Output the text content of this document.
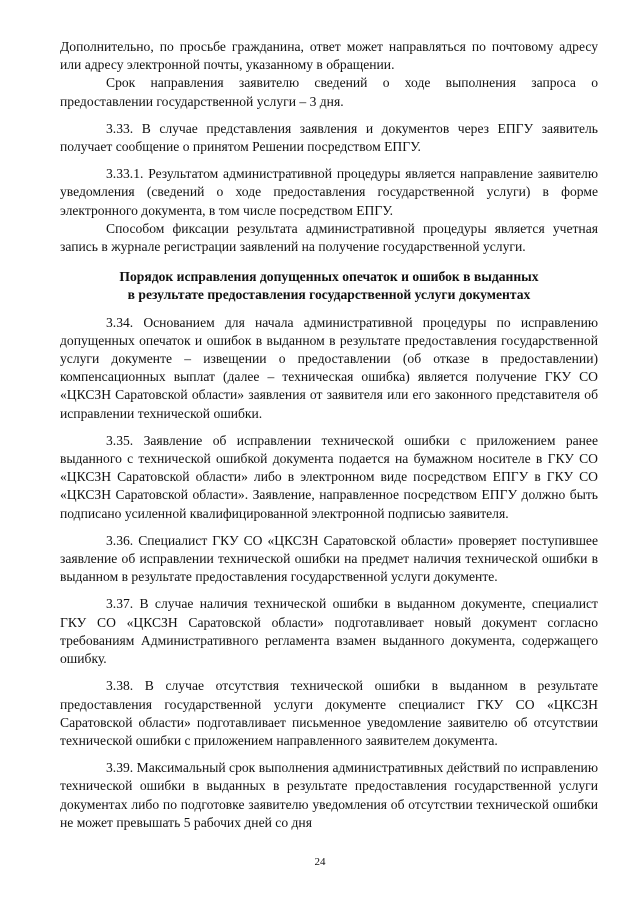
Дополнительно, по просьбе гражданина, ответ может направляться по почтовому адресу или адресу электронной почты, указанному в обращении.

Срок направления заявителю сведений о ходе выполнения запроса о предоставлении государственной услуги – 3 дня.

3.33. В случае представления заявления и документов через ЕПГУ заявитель получает сообщение о принятом Решении посредством ЕПГУ.

3.33.1. Результатом административной процедуры является направление заявителю уведомления (сведений о ходе предоставления государственной услуги) в форме электронного документа, в том числе посредством ЕПГУ.

Способом фиксации результата административной процедуры является учетная запись в журнале регистрации заявлений на получение государственной услуги.

Порядок исправления допущенных опечаток и ошибок в выданных
в результате предоставления государственной услуги документах

3.34. Основанием для начала административной процедуры по исправлению допущенных опечаток и ошибок в выданном в результате предоставления государственной услуги документе – извещении о предоставлении (об отказе в предоставлении) компенсационных выплат (далее – техническая ошибка) является получение ГКУ СО «ЦКСЗН Саратовской области» заявления от заявителя или его законного представителя об исправлении технической ошибки.

3.35. Заявление об исправлении технической ошибки с приложением ранее выданного с технической ошибкой документа подается на бумажном носителе в ГКУ СО «ЦКСЗН Саратовской области» либо в электронном виде посредством ЕПГУ в ГКУ СО «ЦКСЗН Саратовской области». Заявление, направленное посредством ЕПГУ должно быть подписано усиленной квалифицированной электронной подписью заявителя.

3.36. Специалист ГКУ СО «ЦКСЗН Саратовской области» проверяет поступившее заявление об исправлении технической ошибки на предмет наличия технической ошибки в выданном в результате предоставления государственной услуги документе.

3.37. В случае наличия технической ошибки в выданном документе, специалист ГКУ СО «ЦКСЗН Саратовской области» подготавливает новый документ согласно требованиям Административного регламента взамен выданного документа, содержащего ошибку.

3.38. В случае отсутствия технической ошибки в выданном в результате предоставления государственной услуги документе специалист ГКУ СО «ЦКСЗН Саратовской области» подготавливает письменное уведомление заявителю об отсутствии технической ошибки с приложением направленного заявителем документа.

3.39. Максимальный срок выполнения административных действий по исправлению технической ошибки в выданных в результате предоставления государственной услуги документах либо по подготовке заявителю уведомления об отсутствии технической ошибки не может превышать 5 рабочих дней со дня

24
